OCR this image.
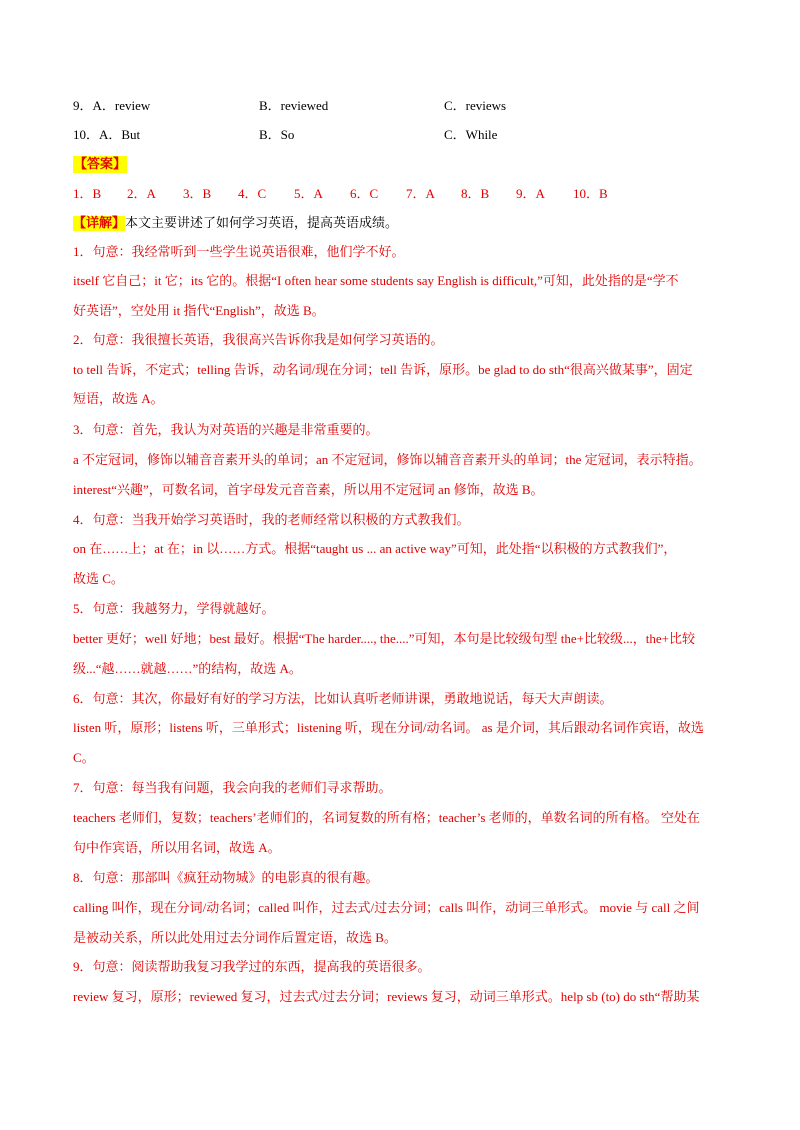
9．A．review	B．reviewed	C．reviews
10．A．But	B．So	C．While
【答案】
1．B 2．A 3．B 4．C 5．A 6．C 7．A 8．B 9．A 10．B
【详解】本文主要讲述了如何学习英语，提高英语成绩。
1．句意：我经常听到一些学生说英语很难，他们学不好。
itself 它自己；it 它；its 它的。根据“I often hear some students say English is difficult,”可知，此处指的是“学不
好英语”，空处用 it 指代“English”，故选 B。
2．句意：我很擅长英语，我很高兴告诉你我是如何学习英语的。
to tell 告诉，不定式；telling 告诉，动名词/现在分词；tell 告诉，原形。be glad to do sth“很高兴做某事”，固定
短语，故选 A。
3．句意：首先，我认为对英语的兴趣是非常重要的。
a 不定冠词，修饰以辅音音素开头的单词；an 不定冠词，修饰以辅音音素开头的单词；the 定冠词，表示特指。
interest“兴趣”，可数名词，首字母发元音音素，所以用不定冠词 an 修饰，故选 B。
4．句意：当我开始学习英语时，我的老师经常以积极的方式教我们。
on 在……上；at 在；in 以……方式。根据“taught us ... an active way”可知，此处指“以积极的方式教我们”，
故选 C。
5．句意：我越努力，学得就越好。
better 更好；well 好地；best 最好。根据“The harder...., the....”可知，本句是比较级句型 the+比较级...，the+比较
级...“越……就越……”的结构，故选 A。
6．句意：其次，你最好有好的学习方法，比如认真听老师讲课，勇敢地说话，每天大声朗读。
listen 听，原形；listens 听，三单形式；listening 听，现在分词/动名词。 as 是介词，其后跟动名词作宾语，故选
C。
7．句意：每当我有问题，我会向我的老师们寻求帮助。
teachers 老师们，复数；teachers’老师们的，名词复数的所有格；teacher’s 老师的，单数名词的所有格。 空处在
句中作宾语，所以用名词，故选 A。
8．句意：那部叫《疯狂动物城》的电影真的很有趣。
calling 叫作，现在分词/动名词；called 叫作，过去式/过去分词；calls 叫作，动词三单形式。 movie 与 call 之间
是被动关系，所以此处用过去分词作后置定语，故选 B。
9．句意：阅读帮助我复习我学过的东西，提高我的英语很多。
review 复习，原形；reviewed 复习，过去式/过去分词；reviews 复习，动词三单形式。help sb (to) do sth“帮助某
